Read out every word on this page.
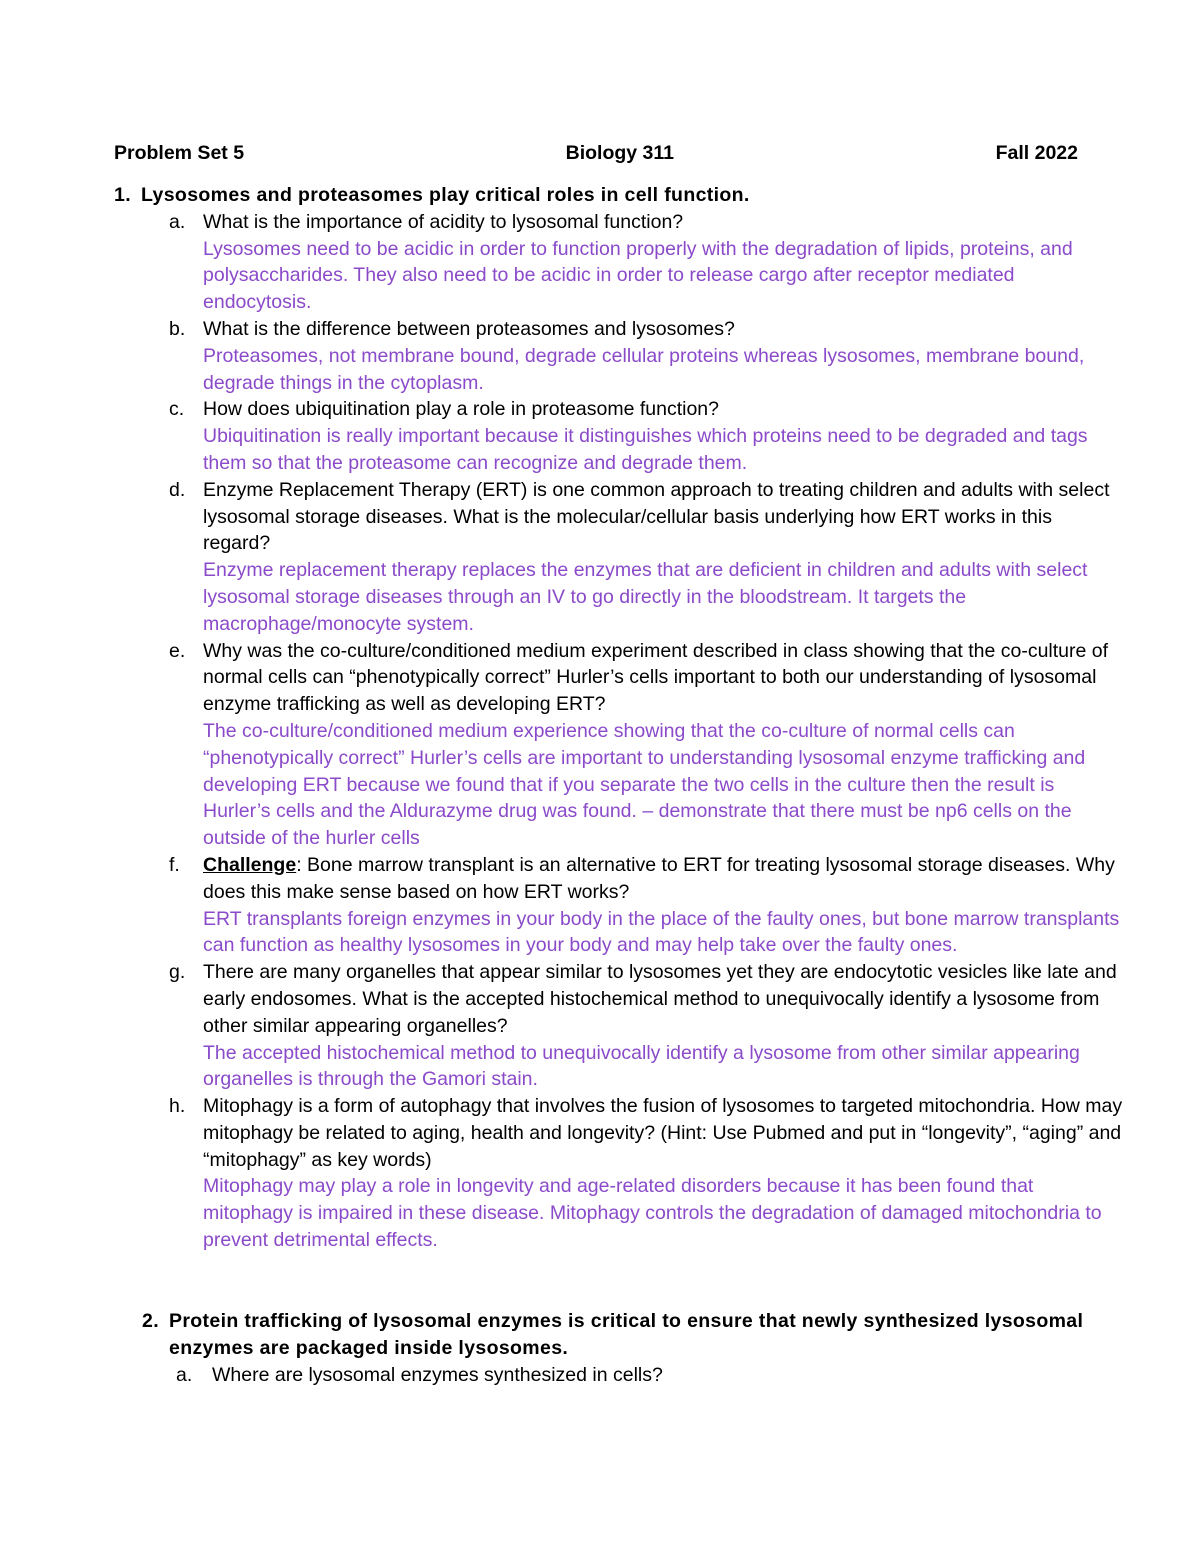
Problem Set 5	Biology 311	Fall 2022
1. Lysosomes and proteasomes play critical roles in cell function.
a. What is the importance of acidity to lysosomal function?
Lysosomes need to be acidic in order to function properly with the degradation of lipids, proteins, and polysaccharides. They also need to be acidic in order to release cargo after receptor mediated endocytosis.
b. What is the difference between proteasomes and lysosomes?
Proteasomes, not membrane bound, degrade cellular proteins whereas lysosomes, membrane bound, degrade things in the cytoplasm.
c. How does ubiquitination play a role in proteasome function?
Ubiquitination is really important because it distinguishes which proteins need to be degraded and tags them so that the proteasome can recognize and degrade them.
d. Enzyme Replacement Therapy (ERT) is one common approach to treating children and adults with select lysosomal storage diseases. What is the molecular/cellular basis underlying how ERT works in this regard?
Enzyme replacement therapy replaces the enzymes that are deficient in children and adults with select lysosomal storage diseases through an IV to go directly in the bloodstream. It targets the macrophage/monocyte system.
e. Why was the co-culture/conditioned medium experiment described in class showing that the co-culture of normal cells can “phenotypically correct” Hurler’s cells important to both our understanding of lysosomal enzyme trafficking as well as developing ERT?
The co-culture/conditioned medium experience showing that the co-culture of normal cells can “phenotypically correct” Hurler’s cells are important to understanding lysosomal enzyme trafficking and developing ERT because we found that if you separate the two cells in the culture then the result is Hurler’s cells and the Aldurazyme drug was found. – demonstrate that there must be np6 cells on the outside of the hurler cells
f.	Challenge: Bone marrow transplant is an alternative to ERT for treating lysosomal storage diseases. Why does this make sense based on how ERT works?
ERT transplants foreign enzymes in your body in the place of the faulty ones, but bone marrow transplants can function as healthy lysosomes in your body and may help take over the faulty ones.
g. There are many organelles that appear similar to lysosomes yet they are endocytotic vesicles like late and early endosomes. What is the accepted histochemical method to unequivocally identify a lysosome from other similar appearing organelles?
The accepted histochemical method to unequivocally identify a lysosome from other similar appearing organelles is through the Gamori stain.
h. Mitophagy is a form of autophagy that involves the fusion of lysosomes to targeted mitochondria. How may mitophagy be related to aging, health and longevity? (Hint: Use Pubmed and put in “longevity”, “aging” and “mitophagy” as key words)
Mitophagy may play a role in longevity and age-related disorders because it has been found that mitophagy is impaired in these disease. Mitophagy controls the degradation of damaged mitochondria to prevent detrimental effects.
2. Protein trafficking of lysosomal enzymes is critical to ensure that newly synthesized lysosomal enzymes are packaged inside lysosomes.
a.	Where are lysosomal enzymes synthesized in cells?
